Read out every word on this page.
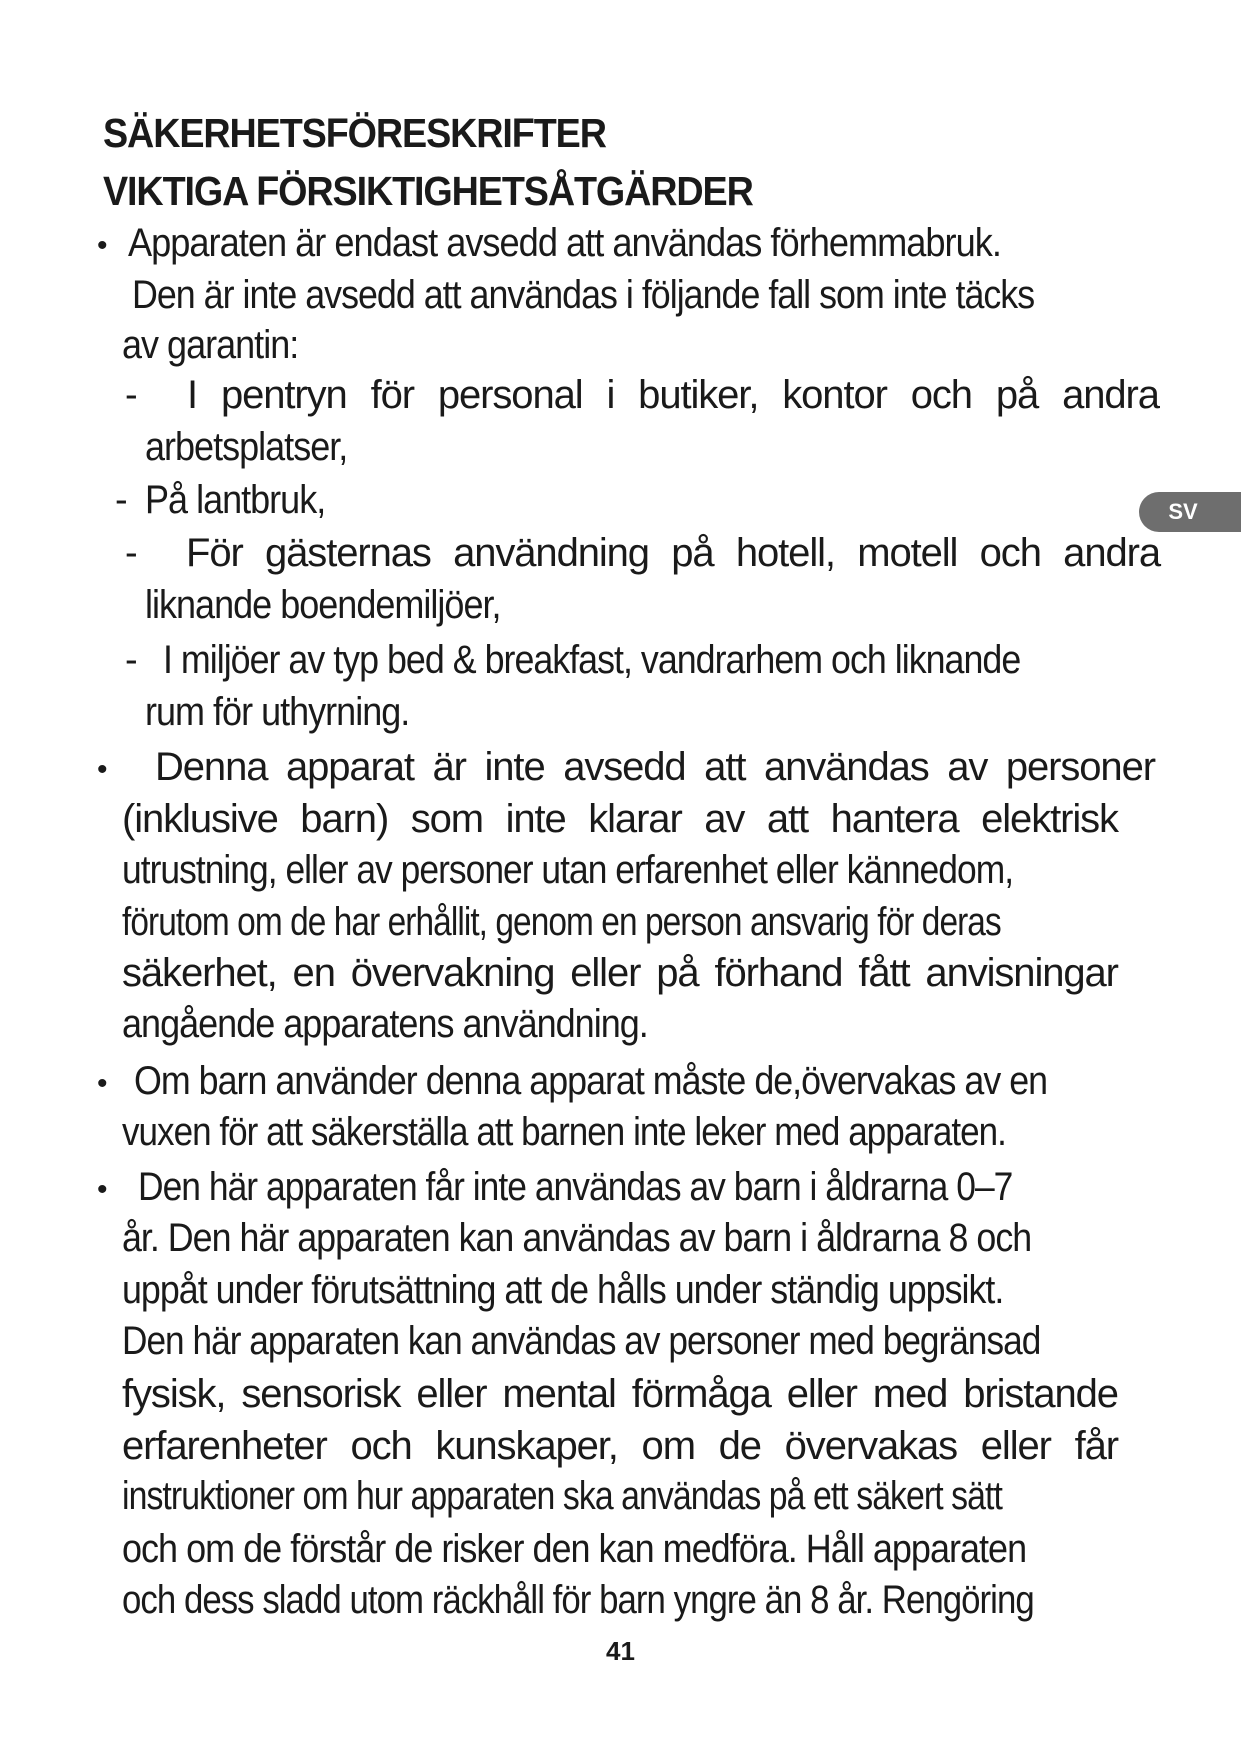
SÄKERHETSFÖRESKRIFTER
VIKTIGA FÖRSIKTIGHETSÅTGÄRDER
SV
• Apparaten är endast avsedd att användas förhemmabruk.
Den är inte avsedd att användas i följande fall som inte täcks
av garantin:
- I pentryn för personal i butiker, kontor och på andra
arbetsplatser,
- På lantbruk,
- För gästernas användning på hotell, motell och andra
liknande boendemiljöer,
- I miljöer av typ bed & breakfast, vandrarhem och liknande
rum för uthyrning.
• Denna apparat är inte avsedd att användas av personer
(inklusive barn) som inte klarar av att hantera elektrisk
utrustning, eller av personer utan erfarenhet eller kännedom,
förutom om de har erhållit, genom en person ansvarig för deras
säkerhet, en övervakning eller på förhand fått anvisningar
angående apparatens användning.
• Om barn använder denna apparat måste de,övervakas av en
vuxen för att säkerställa att barnen inte leker med apparaten.
• Den här apparaten får inte användas av barn i åldrarna 0–7
år. Den här apparaten kan användas av barn i åldrarna 8 och
uppåt under förutsättning att de hålls under ständig uppsikt.
Den här apparaten kan användas av personer med begränsad
fysisk, sensorisk eller mental förmåga eller med bristande
erfarenheter och kunskaper, om de övervakas eller får
instruktioner om hur apparaten ska användas på ett säkert sätt
och om de förstår de risker den kan medföra. Håll apparaten
och dess sladd utom räckhåll för barn yngre än 8 år. Rengöring
41
